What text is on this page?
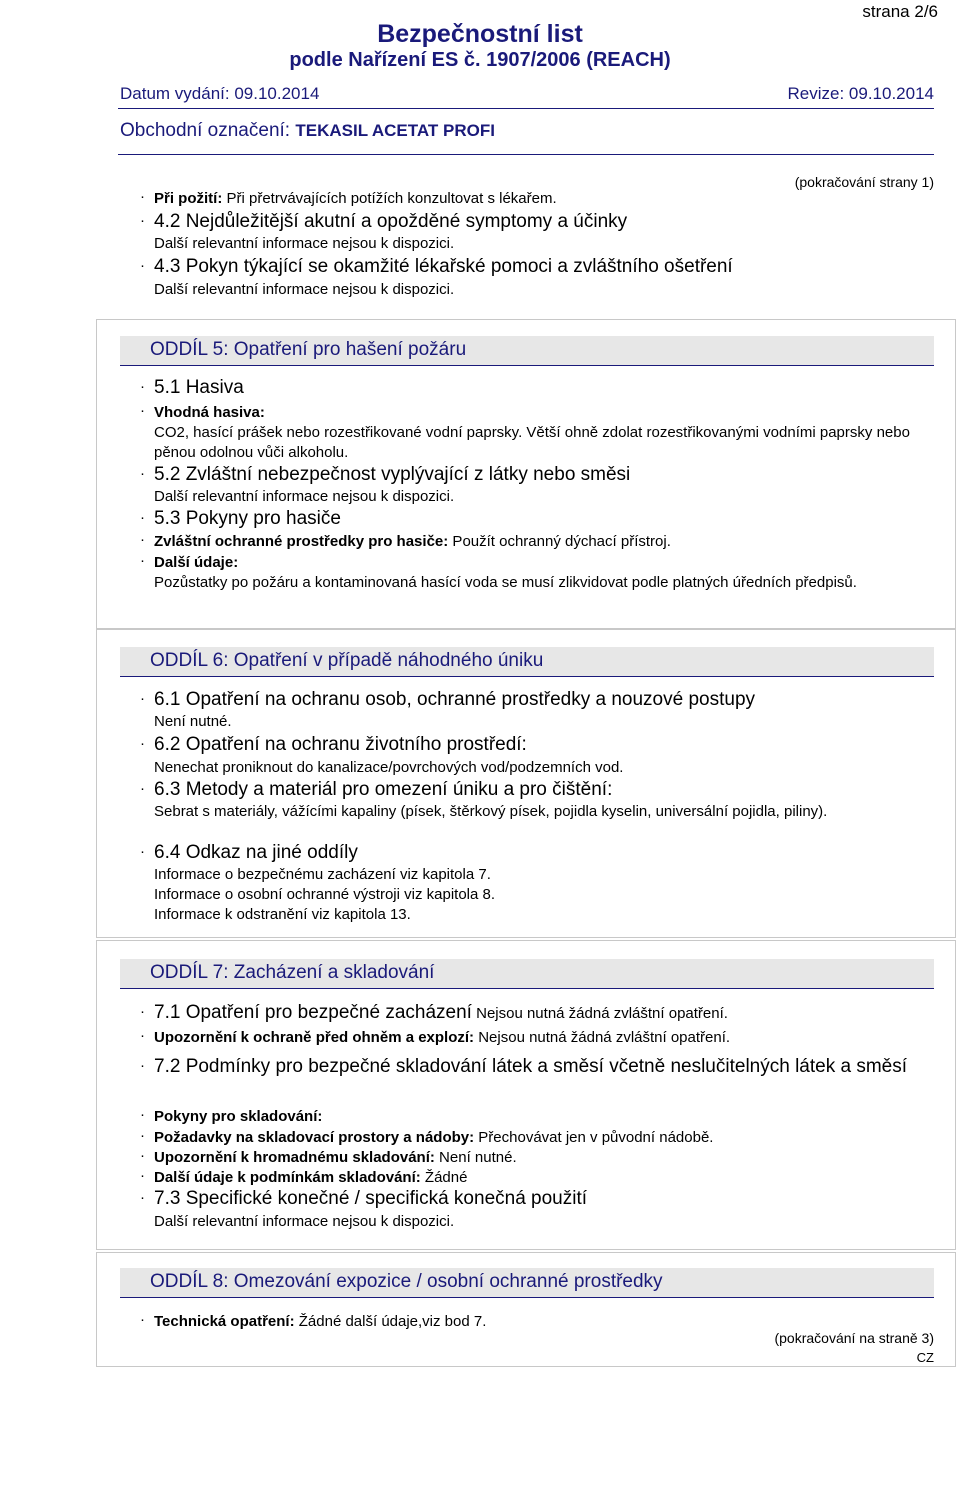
strana 2/6
Bezpečnostní list
podle Nařízení ES č. 1907/2006 (REACH)
Datum vydání: 09.10.2014	Revize: 09.10.2014
Obchodní označení: TEKASIL ACETAT PROFI
(pokračování strany 1)
· Při požití: Při přetrvávajících potížích konzultovat s lékařem.
· 4.2 Nejdůležitější akutní a opožděné symptomy a účinky
Další relevantní informace nejsou k dispozici.
· 4.3 Pokyn týkající se okamžité lékařské pomoci a zvláštního ošetření
Další relevantní informace nejsou k dispozici.
ODDÍL 5: Opatření pro hašení požáru
· 5.1 Hasiva
· Vhodná hasiva:
CO2, hasící prášek nebo rozestřikované vodní paprsky. Větší ohně zdolat rozestřikovanými vodními paprsky nebo pěnou odolnou vůči alkoholu.
· 5.2 Zvláštní nebezpečnost vyplývající z látky nebo směsi
Další relevantní informace nejsou k dispozici.
· 5.3 Pokyny pro hasiče
· Zvláštní ochranné prostředky pro hasiče: Použít ochranný dýchací přístroj.
· Další údaje:
Pozůstatky po požáru a kontaminovaná hasící voda se musí zlikvidovat podle platných úředních předpisů.
ODDÍL 6: Opatření v případě náhodného úniku
· 6.1 Opatření na ochranu osob, ochranné prostředky a nouzové postupy
Není nutné.
· 6.2 Opatření na ochranu životního prostředí:
Nenechat proniknout do kanalizace/povrchových vod/podzemních vod.
· 6.3 Metody a materiál pro omezení úniku a pro čištění:
Sebrat s materiály, vážícími kapaliny (písek, štěrkový písek, pojidla kyselin, universální pojidla, piliny).
· 6.4 Odkaz na jiné oddíly
Informace o bezpečnému zacházení viz kapitola 7.
Informace o osobní ochranné výstroji viz kapitola 8.
Informace k odstranění viz kapitola 13.
ODDÍL 7: Zacházení a skladování
· 7.1 Opatření pro bezpečné zacházení Nejsou nutná žádná zvláštní opatření.
· Upozornění k ochraně před ohněm a explozí: Nejsou nutná žádná zvláštní opatření.
· 7.2 Podmínky pro bezpečné skladování látek a směsí včetně neslučitelných látek a směsí
· Pokyny pro skladování:
· Požadavky na skladovací prostory a nádoby: Přechovávat jen v původní nádobě.
· Upozornění k hromadnému skladování: Není nutné.
· Další údaje k podmínkám skladování: Žádné
· 7.3 Specifické konečné / specifická konečná použití
Další relevantní informace nejsou k dispozici.
ODDÍL 8: Omezování expozice / osobní ochranné prostředky
· Technická opatření: Žádné další údaje,viz bod 7.
(pokračování na straně 3)
CZ
